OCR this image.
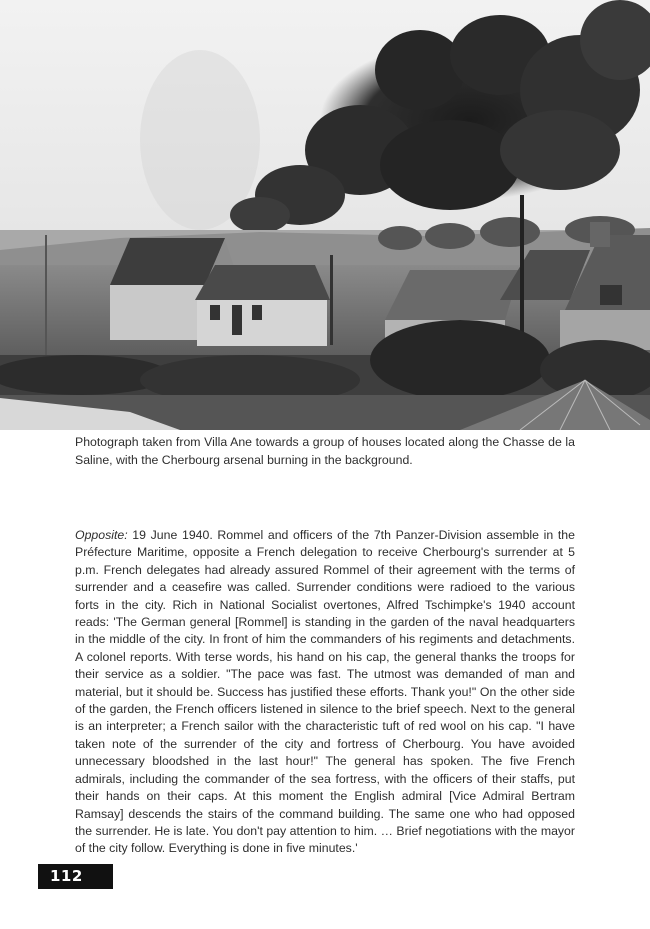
Photograph taken from Villa Ane towards a group of houses located along the Chasse de la Saline, with the Cherbourg arsenal burning in the background.
Opposite: 19 June 1940. Rommel and officers of the 7th Panzer-Division assemble in the Préfecture Maritime, opposite a French delegation to receive Cherbourg's surrender at 5 p.m. French delegates had already assured Rommel of their agreement with the terms of surrender and a ceasefire was called. Surrender conditions were radioed to the various forts in the city. Rich in National Socialist overtones, Alfred Tschimpke's 1940 account reads: 'The German general [Rommel] is standing in the garden of the naval headquarters in the middle of the city. In front of him the commanders of his regiments and detachments. A colonel reports. With terse words, his hand on his cap, the general thanks the troops for their service as a soldier. "The pace was fast. The utmost was demanded of man and material, but it should be. Success has justified these efforts. Thank you!" On the other side of the garden, the French officers listened in silence to the brief speech. Next to the general is an interpreter; a French sailor with the characteristic tuft of red wool on his cap. "I have taken note of the surrender of the city and fortress of Cherbourg. You have avoided unnecessary bloodshed in the last hour!" The general has spoken. The five French admirals, including the commander of the sea fortress, with the officers of their staffs, put their hands on their caps. At this moment the English admiral [Vice Admiral Bertram Ramsay] descends the stairs of the command building. The same one who had opposed the surrender. He is late. You don't pay attention to him. … Brief negotiations with the mayor of the city follow. Everything is done in five minutes.'
112
